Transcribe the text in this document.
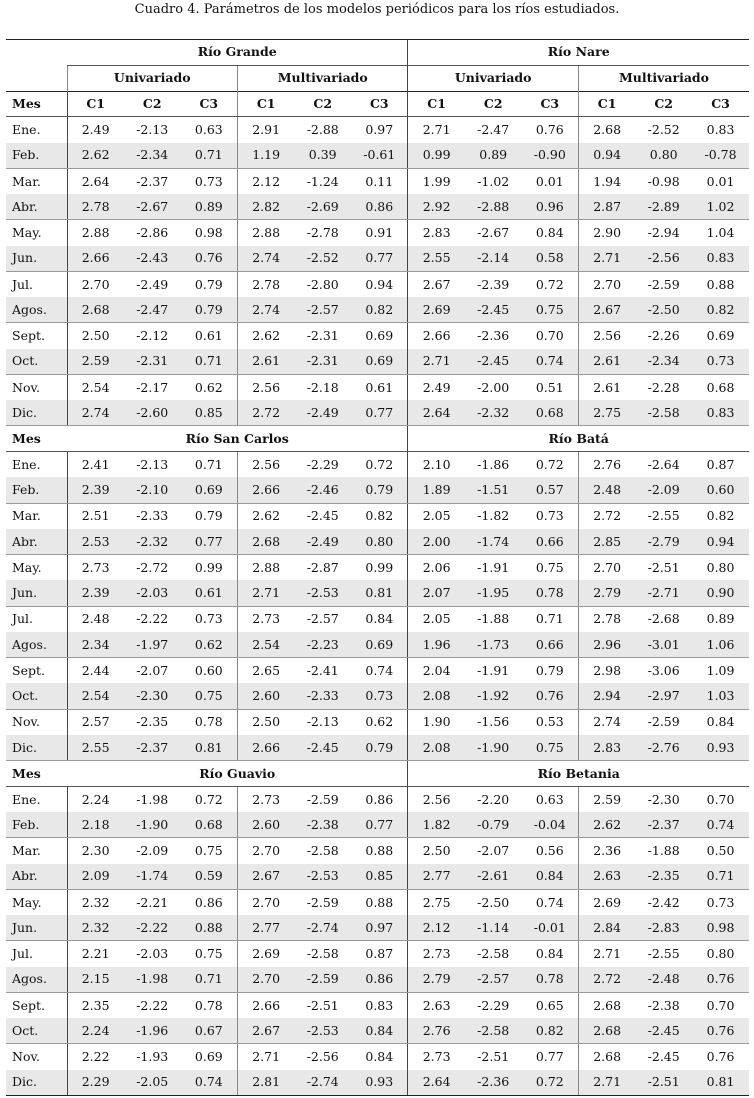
Cuadro 4. Parámetros de los modelos periódicos para los ríos estudiados.
	Río Grande						Río Nare					
	Univariado			Multivariado			Univariado			Multivariado		
Mes	C1	C2	C3	C1	C2	C3	C1	C2	C3	C1	C2	C3
Ene.	2.49	-2.13	0.63	2.91	-2.88	0.97	2.71	-2.47	0.76	2.68	-2.52	0.83
Feb.	2.62	-2.34	0.71	1.19	0.39	-0.61	0.99	0.89	-0.90	0.94	0.80	-0.78
Mar.	2.64	-2.37	0.73	2.12	-1.24	0.11	1.99	-1.02	0.01	1.94	-0.98	0.01
Abr.	2.78	-2.67	0.89	2.82	-2.69	0.86	2.92	-2.88	0.96	2.87	-2.89	1.02
May.	2.88	-2.86	0.98	2.88	-2.78	0.91	2.83	-2.67	0.84	2.90	-2.94	1.04
Jun.	2.66	-2.43	0.76	2.74	-2.52	0.77	2.55	-2.14	0.58	2.71	-2.56	0.83
Jul.	2.70	-2.49	0.79	2.78	-2.80	0.94	2.67	-2.39	0.72	2.70	-2.59	0.88
Agos.	2.68	-2.47	0.79	2.74	-2.57	0.82	2.69	-2.45	0.75	2.67	-2.50	0.82
Sept.	2.50	-2.12	0.61	2.62	-2.31	0.69	2.66	-2.36	0.70	2.56	-2.26	0.69
Oct.	2.59	-2.31	0.71	2.61	-2.31	0.69	2.71	-2.45	0.74	2.61	-2.34	0.73
Nov.	2.54	-2.17	0.62	2.56	-2.18	0.61	2.49	-2.00	0.51	2.61	-2.28	0.68
Dic.	2.74	-2.60	0.85	2.72	-2.49	0.77	2.64	-2.32	0.68	2.75	-2.58	0.83
Mes	Río San Carlos						Río Batá					
Ene.	2.41	-2.13	0.71	2.56	-2.29	0.72	2.10	-1.86	0.72	2.76	-2.64	0.87
Feb.	2.39	-2.10	0.69	2.66	-2.46	0.79	1.89	-1.51	0.57	2.48	-2.09	0.60
Mar.	2.51	-2.33	0.79	2.62	-2.45	0.82	2.05	-1.82	0.73	2.72	-2.55	0.82
Abr.	2.53	-2.32	0.77	2.68	-2.49	0.80	2.00	-1.74	0.66	2.85	-2.79	0.94
May.	2.73	-2.72	0.99	2.88	-2.87	0.99	2.06	-1.91	0.75	2.70	-2.51	0.80
Jun.	2.39	-2.03	0.61	2.71	-2.53	0.81	2.07	-1.95	0.78	2.79	-2.71	0.90
Jul.	2.48	-2.22	0.73	2.73	-2.57	0.84	2.05	-1.88	0.71	2.78	-2.68	0.89
Agos.	2.34	-1.97	0.62	2.54	-2.23	0.69	1.96	-1.73	0.66	2.96	-3.01	1.06
Sept.	2.44	-2.07	0.60	2.65	-2.41	0.74	2.04	-1.91	0.79	2.98	-3.06	1.09
Oct.	2.54	-2.30	0.75	2.60	-2.33	0.73	2.08	-1.92	0.76	2.94	-2.97	1.03
Nov.	2.57	-2.35	0.78	2.50	-2.13	0.62	1.90	-1.56	0.53	2.74	-2.59	0.84
Dic.	2.55	-2.37	0.81	2.66	-2.45	0.79	2.08	-1.90	0.75	2.83	-2.76	0.93
Mes	Río Guavio						Río Betania					
Ene.	2.24	-1.98	0.72	2.73	-2.59	0.86	2.56	-2.20	0.63	2.59	-2.30	0.70
Feb.	2.18	-1.90	0.68	2.60	-2.38	0.77	1.82	-0.79	-0.04	2.62	-2.37	0.74
Mar.	2.30	-2.09	0.75	2.70	-2.58	0.88	2.50	-2.07	0.56	2.36	-1.88	0.50
Abr.	2.09	-1.74	0.59	2.67	-2.53	0.85	2.77	-2.61	0.84	2.63	-2.35	0.71
May.	2.32	-2.21	0.86	2.70	-2.59	0.88	2.75	-2.50	0.74	2.69	-2.42	0.73
Jun.	2.32	-2.22	0.88	2.77	-2.74	0.97	2.12	-1.14	-0.01	2.84	-2.83	0.98
Jul.	2.21	-2.03	0.75	2.69	-2.58	0.87	2.73	-2.58	0.84	2.71	-2.55	0.80
Agos.	2.15	-1.98	0.71	2.70	-2.59	0.86	2.79	-2.57	0.78	2.72	-2.48	0.76
Sept.	2.35	-2.22	0.78	2.66	-2.51	0.83	2.63	-2.29	0.65	2.68	-2.38	0.70
Oct.	2.24	-1.96	0.67	2.67	-2.53	0.84	2.76	-2.58	0.82	2.68	-2.45	0.76
Nov.	2.22	-1.93	0.69	2.71	-2.56	0.84	2.73	-2.51	0.77	2.68	-2.45	0.76
Dic.	2.29	-2.05	0.74	2.81	-2.74	0.93	2.64	-2.36	0.72	2.71	-2.51	0.81
